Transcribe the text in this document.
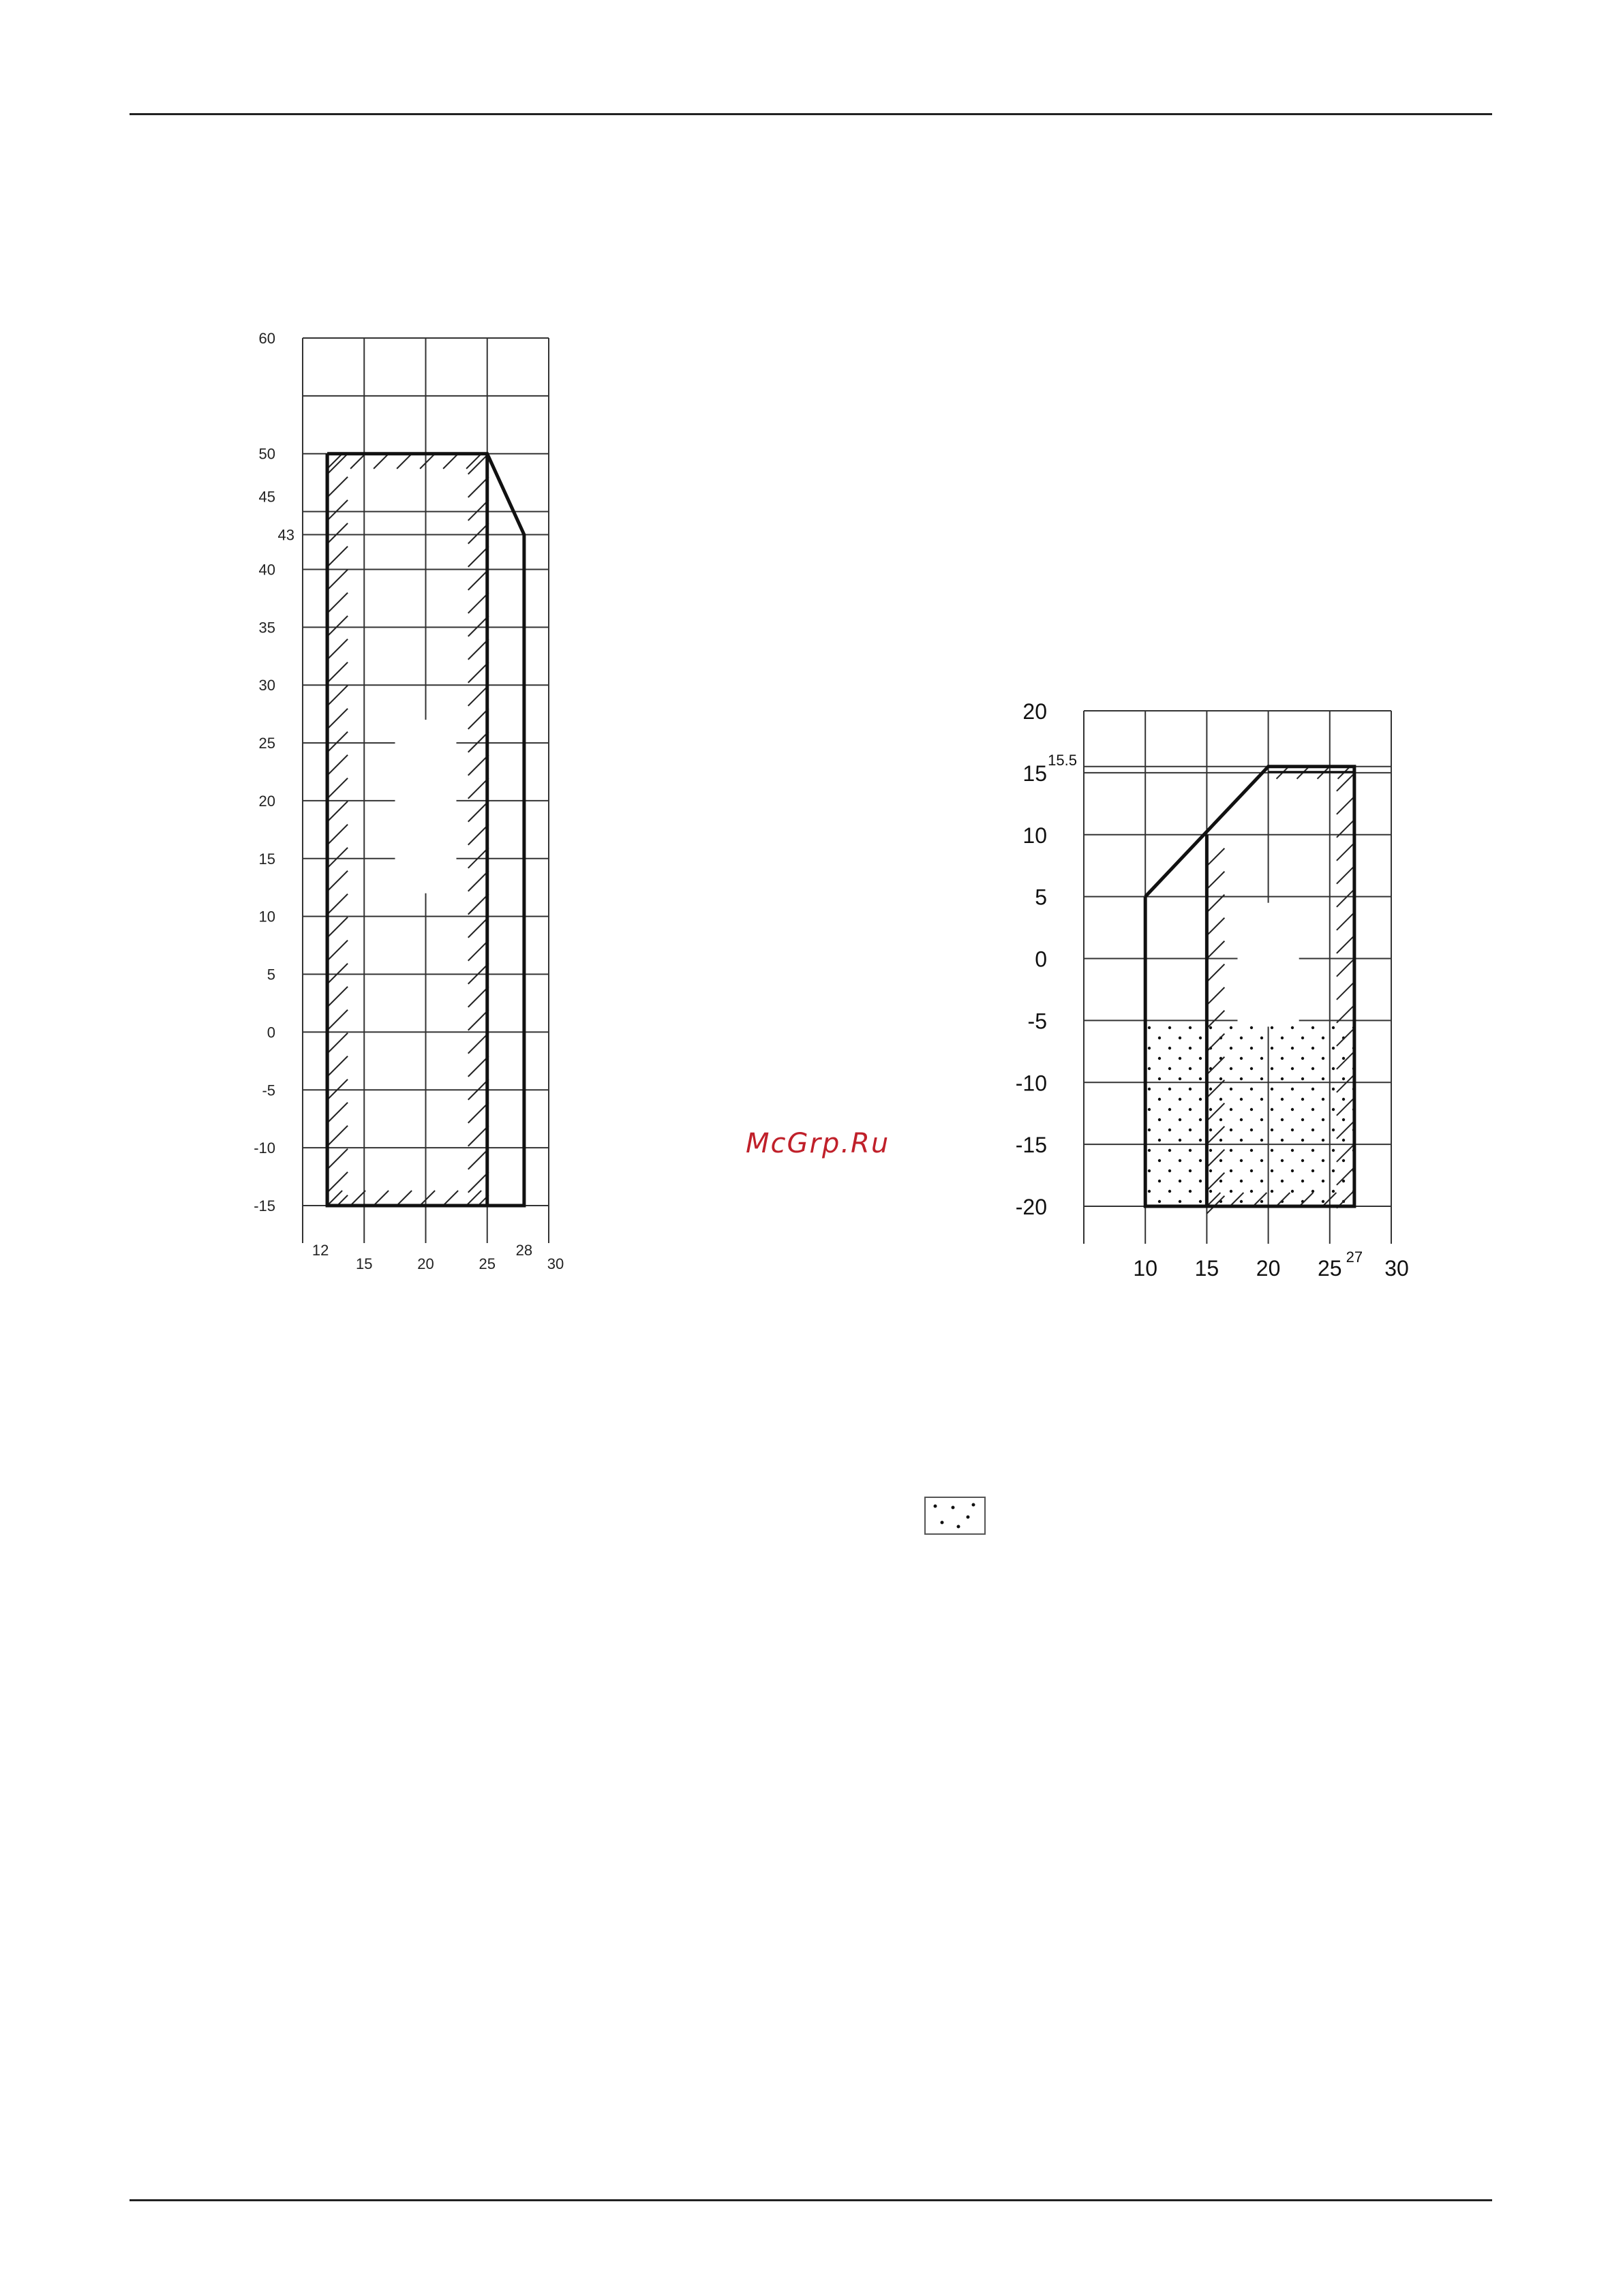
60
50
45
43
40
35
30
25
20
15
10
5
0
-5
-10
-15
12
15	20	25
28
30
20
15.5
15
10
5
0
-5
-10
-15
-20
10 15 20 25 27 30
McGrp.Ru
